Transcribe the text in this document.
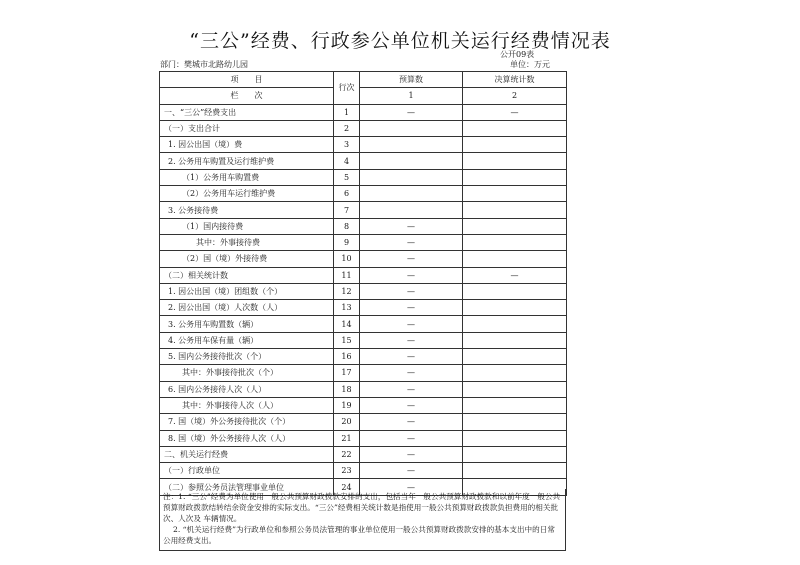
“三公”经费、行政参公单位机关运行经费情况表
公开09表
部门：樊城市北路幼儿园	单位：万元
项　　目	行次	预算数	决算统计数
栏　　次		1	2
一、“三公”经费支出	1	—	—
（一）支出合计	2		
1. 因公出国（境）费	3		
2. 公务用车购置及运行维护费	4		
（1）公务用车购置费	5		
（2）公务用车运行维护费	6		
3. 公务接待费	7		
（1）国内接待费	8	—	
其中：外事接待费	9	—	
（2）国（境）外接待费	10	—	
（二）相关统计数	11	—	—
1. 因公出国（境）团组数（个）	12	—	
2. 因公出国（境）人次数（人）	13	—	
3. 公务用车购置数（辆）	14	—	
4. 公务用车保有量（辆）	15	—	
5. 国内公务接待批次（个）	16	—	
其中：外事接待批次（个）	17	—	
6. 国内公务接待人次（人）	18	—	
其中：外事接待人次（人）	19	—	
7. 国（境）外公务接待批次（个）	20	—	
8. 国（境）外公务接待人次（人）	21	—	
二、机关运行经费	22	—	
（一）行政单位	23	—	
（二）参照公务员法管理事业单位	24	—	

注：1. “三公”经费为单位使用一般公共预算财政拨款安排的支出，包括当年一般公共预算财政拨款和以前年度一般公共预算财政拨款结转结余资金安排的实际支出。“三公”经费相关统计数是指使用一般公共预算财政拨款负担费用的相关批次、人次及 车辆情况。

2. “机关运行经费”为行政单位和参照公务员法管理的事业单位使用一般公共预算财政拨款安排的基本支出中的日常公用经费支出。
